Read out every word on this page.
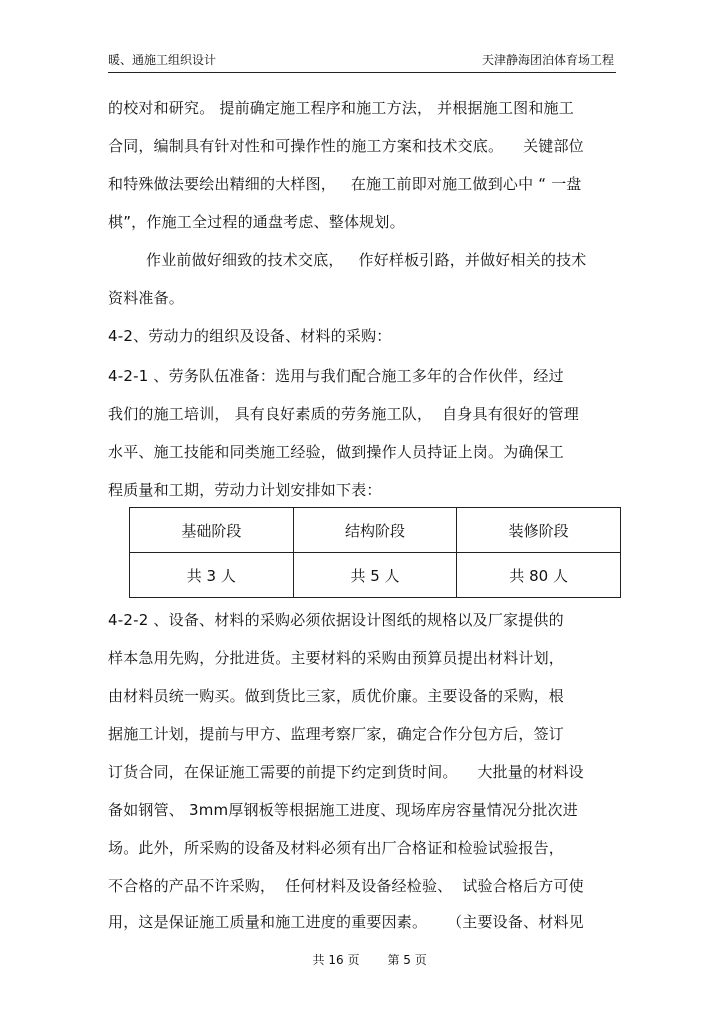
暖、通施工组织设计	天津静海团泊体育场工程
的校对和研究。 提前确定施工程序和施工方法， 并根据施工图和施工
合同，编制具有针对性和可操作性的施工方案和技术交底。    关键部位
和特殊做法要绘出精细的大样图，   在施工前即对施工做到心中 “ 一盘
棋”，作施工全过程的通盘考虑、整体规划。
作业前做好细致的技术交底，   作好样板引路，并做好相关的技术
资料准备。
4-2、劳动力的组织及设备、材料的采购：
4-2-1 、劳务队伍准备：选用与我们配合施工多年的合作伙伴，经过
我们的施工培训， 具有良好素质的劳务施工队，  自身具有很好的管理
水平、施工技能和同类施工经验，做到操作人员持证上岗。为确保工
程质量和工期，劳动力计划安排如下表：
基础阶段	结构阶段	装修阶段
共 3 人	共 5 人	共 80 人
4-2-2 、设备、材料的采购必须依据设计图纸的规格以及厂家提供的
样本急用先购，分批进货。主要材料的采购由预算员提出材料计划，
由材料员统一购买。做到货比三家，质优价廉。主要设备的采购，根
据施工计划，提前与甲方、监理考察厂家，确定合作分包方后，签订
订货合同，在保证施工需要的前提下约定到货时间。    大批量的材料设
备如钢管、 3mm厚钢板等根据施工进度、现场库房容量情况分批次进
场。此外，所采购的设备及材料必须有出厂合格证和检验试验报告，
不合格的产品不许采购，  任何材料及设备经检验、  试验合格后方可使
用，这是保证施工质量和施工进度的重要因素。    （主要设备、材料见

共 16 页 第 5 页
